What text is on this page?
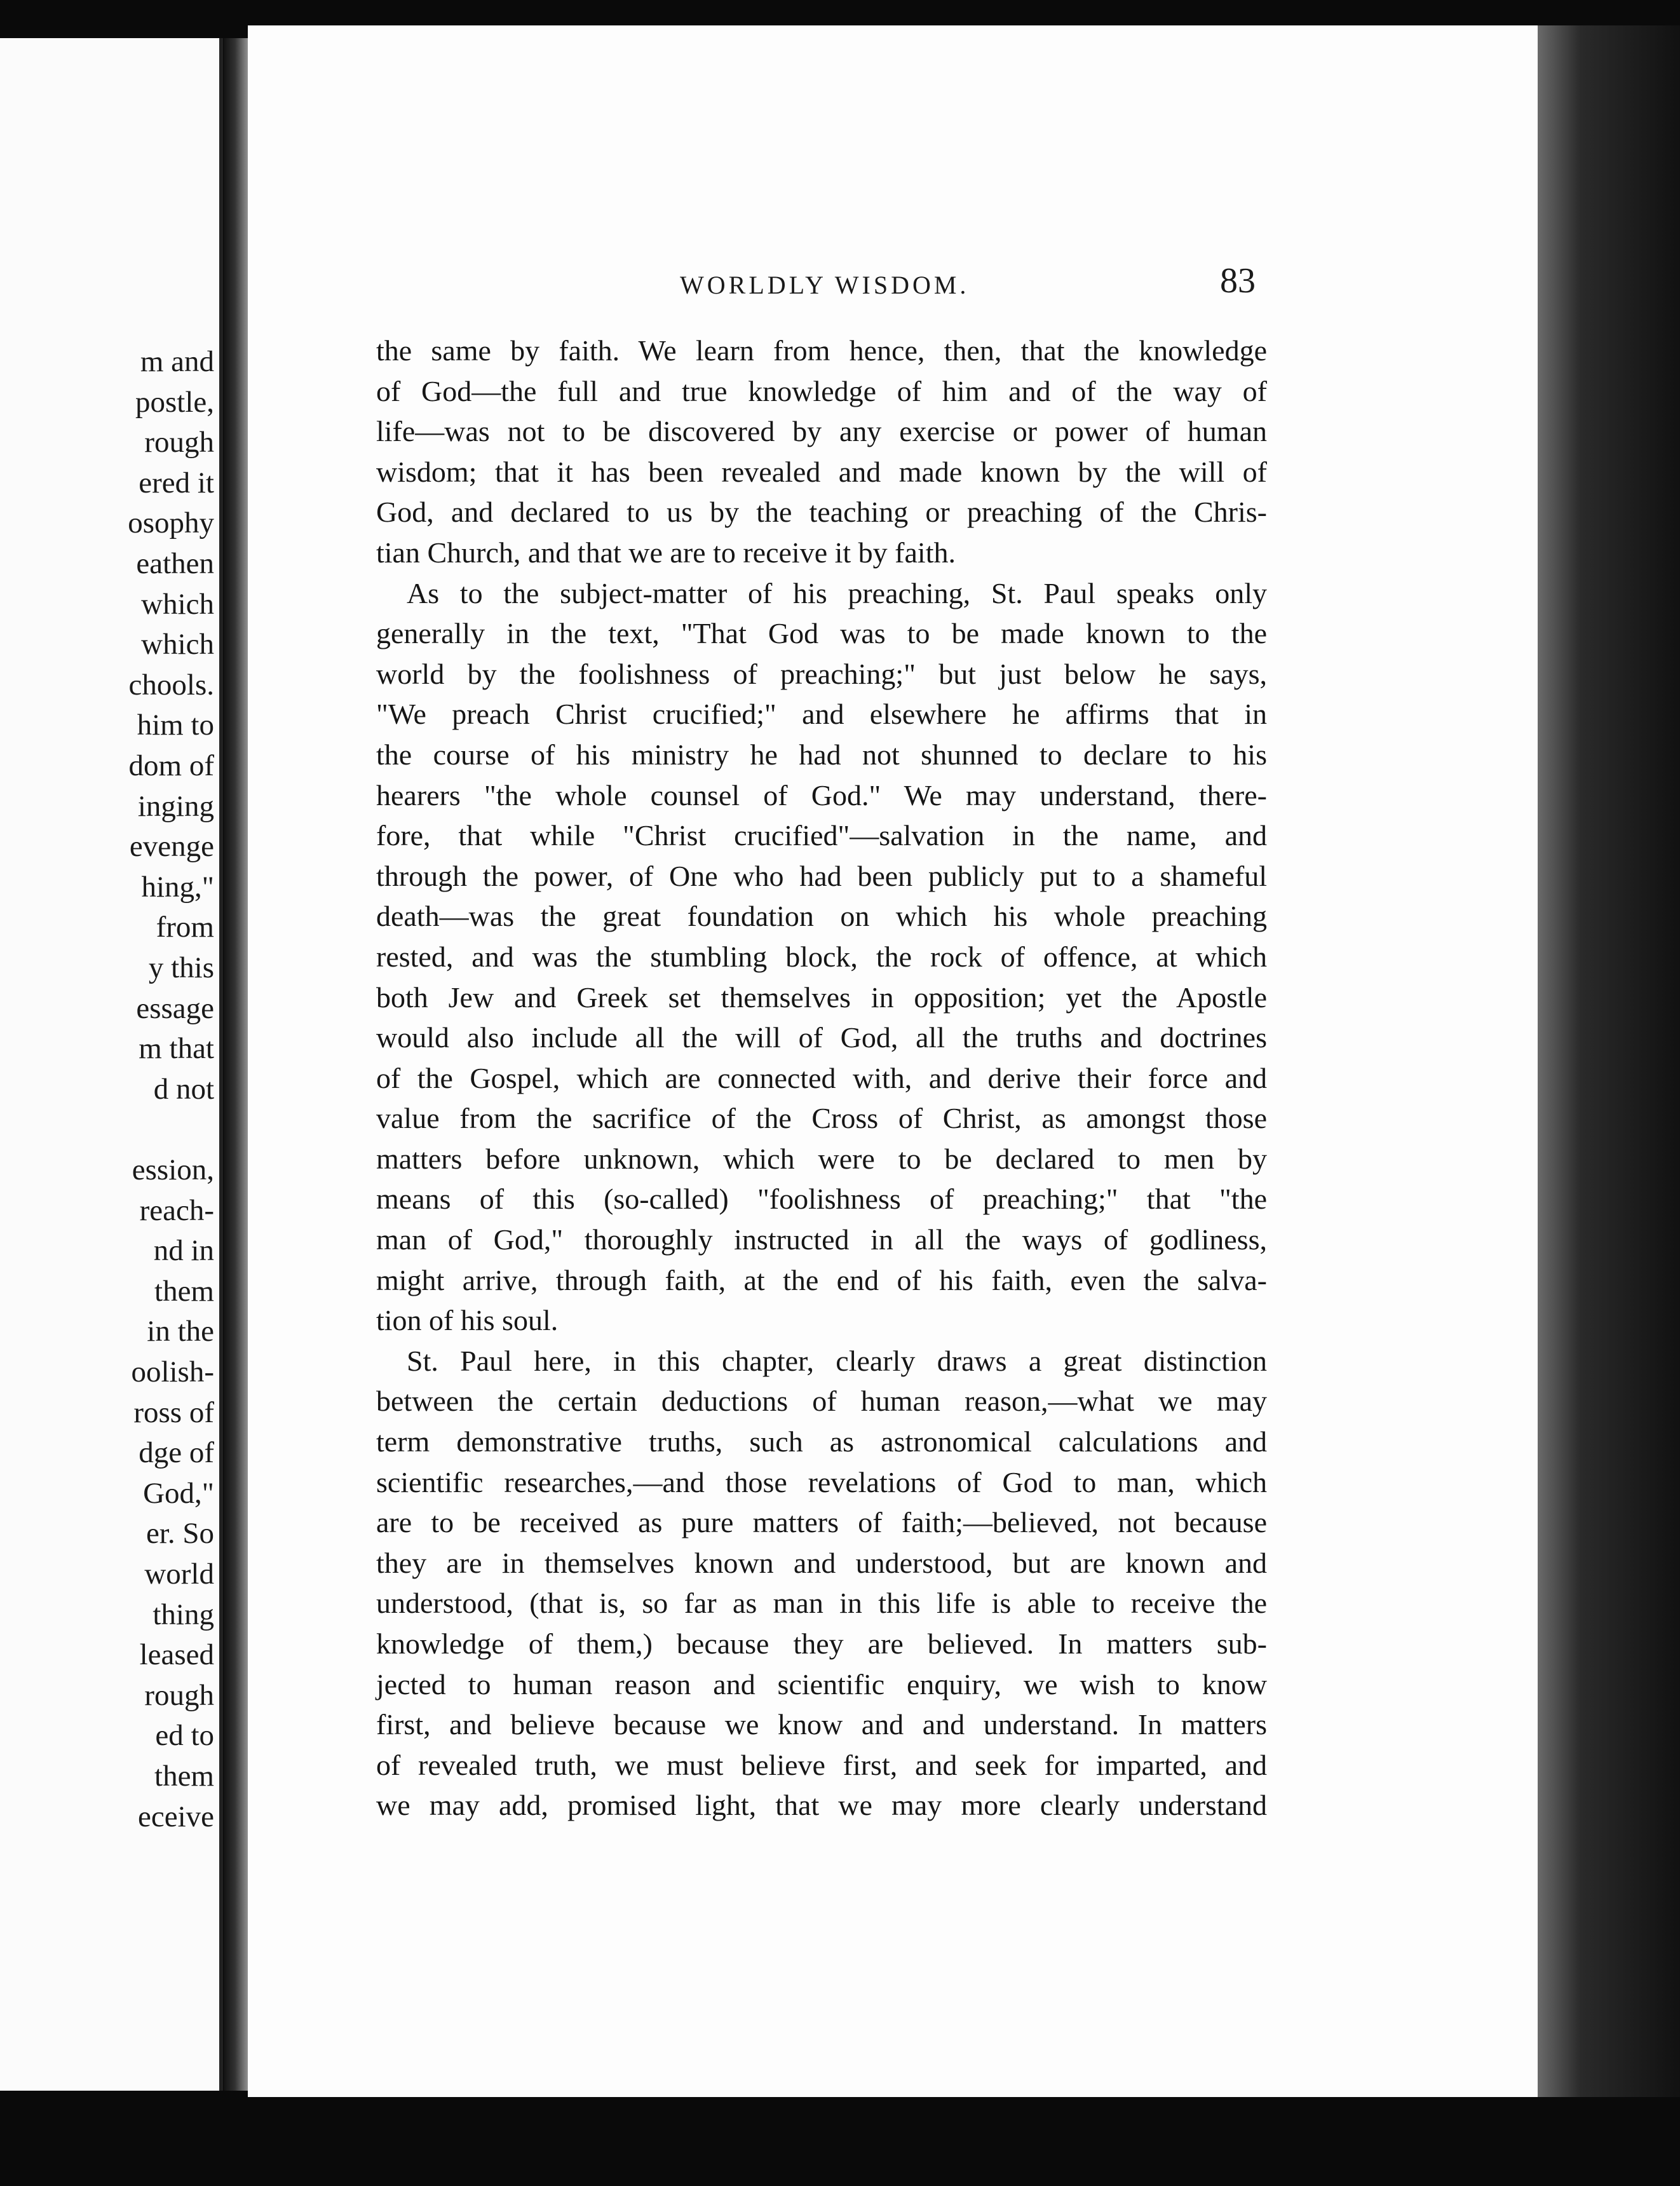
m and
postle,
rough
ered it
osophy
eathen
which
which
chools.
him to
dom of
inging
evenge
hing,"
from
y this
essage
m that
d not
ession,
reach-
nd in
them
in the
oolish-
ross of
dge of
God,"
er. So
world
thing
leased
rough
ed to
them
eceive
WORLDLY WISDOM.	83
the same by faith. We learn from hence, then, that the knowledge
of God—the full and true knowledge of him and of the way of
life—was not to be discovered by any exercise or power of human
wisdom; that it has been revealed and made known by the will of
God, and declared to us by the teaching or preaching of the Chris-
tian Church, and that we are to receive it by faith.
As to the subject-matter of his preaching, St. Paul speaks only
generally in the text, "That God was to be made known to the
world by the foolishness of preaching;" but just below he says,
"We preach Christ crucified;" and elsewhere he affirms that in
the course of his ministry he had not shunned to declare to his
hearers "the whole counsel of God." We may understand, there-
fore, that while "Christ crucified"—salvation in the name, and
through the power, of One who had been publicly put to a shameful
death—was the great foundation on which his whole preaching
rested, and was the stumbling block, the rock of offence, at which
both Jew and Greek set themselves in opposition; yet the Apostle
would also include all the will of God, all the truths and doctrines
of the Gospel, which are connected with, and derive their force and
value from the sacrifice of the Cross of Christ, as amongst those
matters before unknown, which were to be declared to men by
means of this (so-called) "foolishness of preaching;" that "the
man of God," thoroughly instructed in all the ways of godliness,
might arrive, through faith, at the end of his faith, even the salva-
tion of his soul.
St. Paul here, in this chapter, clearly draws a great distinction
between the certain deductions of human reason,—what we may
term demonstrative truths, such as astronomical calculations and
scientific researches,—and those revelations of God to man, which
are to be received as pure matters of faith;—believed, not because
they are in themselves known and understood, but are known and
understood, (that is, so far as man in this life is able to receive the
knowledge of them,) because they are believed. In matters sub-
jected to human reason and scientific enquiry, we wish to know
first, and believe because we know and and understand. In matters
of revealed truth, we must believe first, and seek for imparted, and
we may add, promised light, that we may more clearly understand
